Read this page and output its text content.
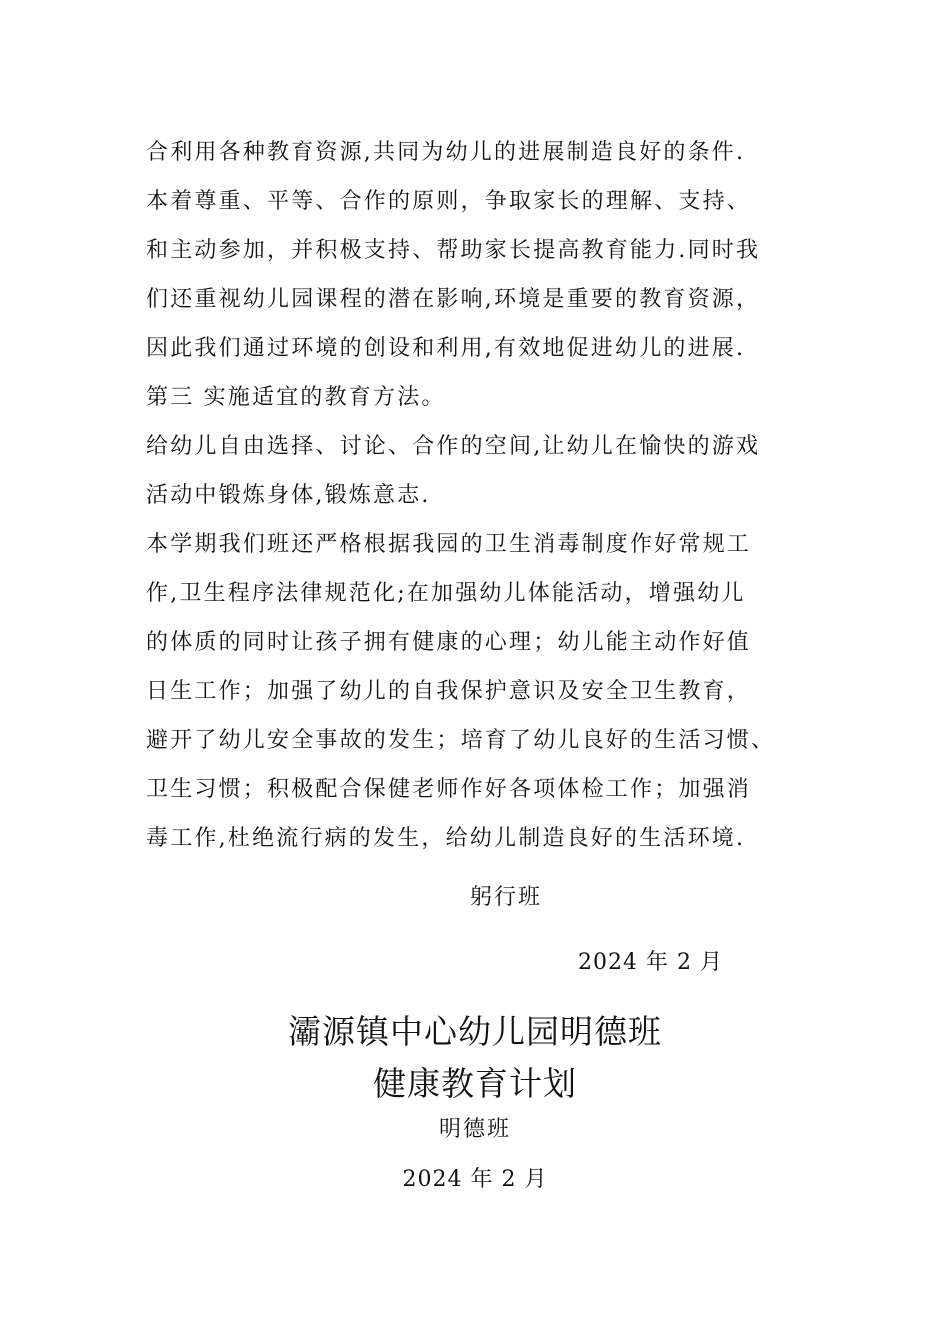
合利用各种教育资源,共同为幼儿的进展制造良好的条件.
本着尊重、平等、合作的原则，争取家长的理解、支持、
和主动参加，并积极支持、帮助家长提高教育能力.同时我
们还重视幼儿园课程的潜在影响,环境是重要的教育资源，
因此我们通过环境的创设和利用,有效地促进幼儿的进展.
第三 实施适宜的教育方法。
给幼儿自由选择、讨论、合作的空间,让幼儿在愉快的游戏
活动中锻炼身体,锻炼意志.
本学期我们班还严格根据我园的卫生消毒制度作好常规工
作,卫生程序法律规范化;在加强幼儿体能活动，增强幼儿
的体质的同时让孩子拥有健康的心理；幼儿能主动作好值
日生工作；加强了幼儿的自我保护意识及安全卫生教育，
避开了幼儿安全事故的发生；培育了幼儿良好的生活习惯、
卫生习惯；积极配合保健老师作好各项体检工作；加强消
毒工作,杜绝流行病的发生，给幼儿制造良好的生活环境.
躬行班
2024 年 2 月
灞源镇中心幼儿园明德班
健康教育计划
明德班
2024 年 2 月
